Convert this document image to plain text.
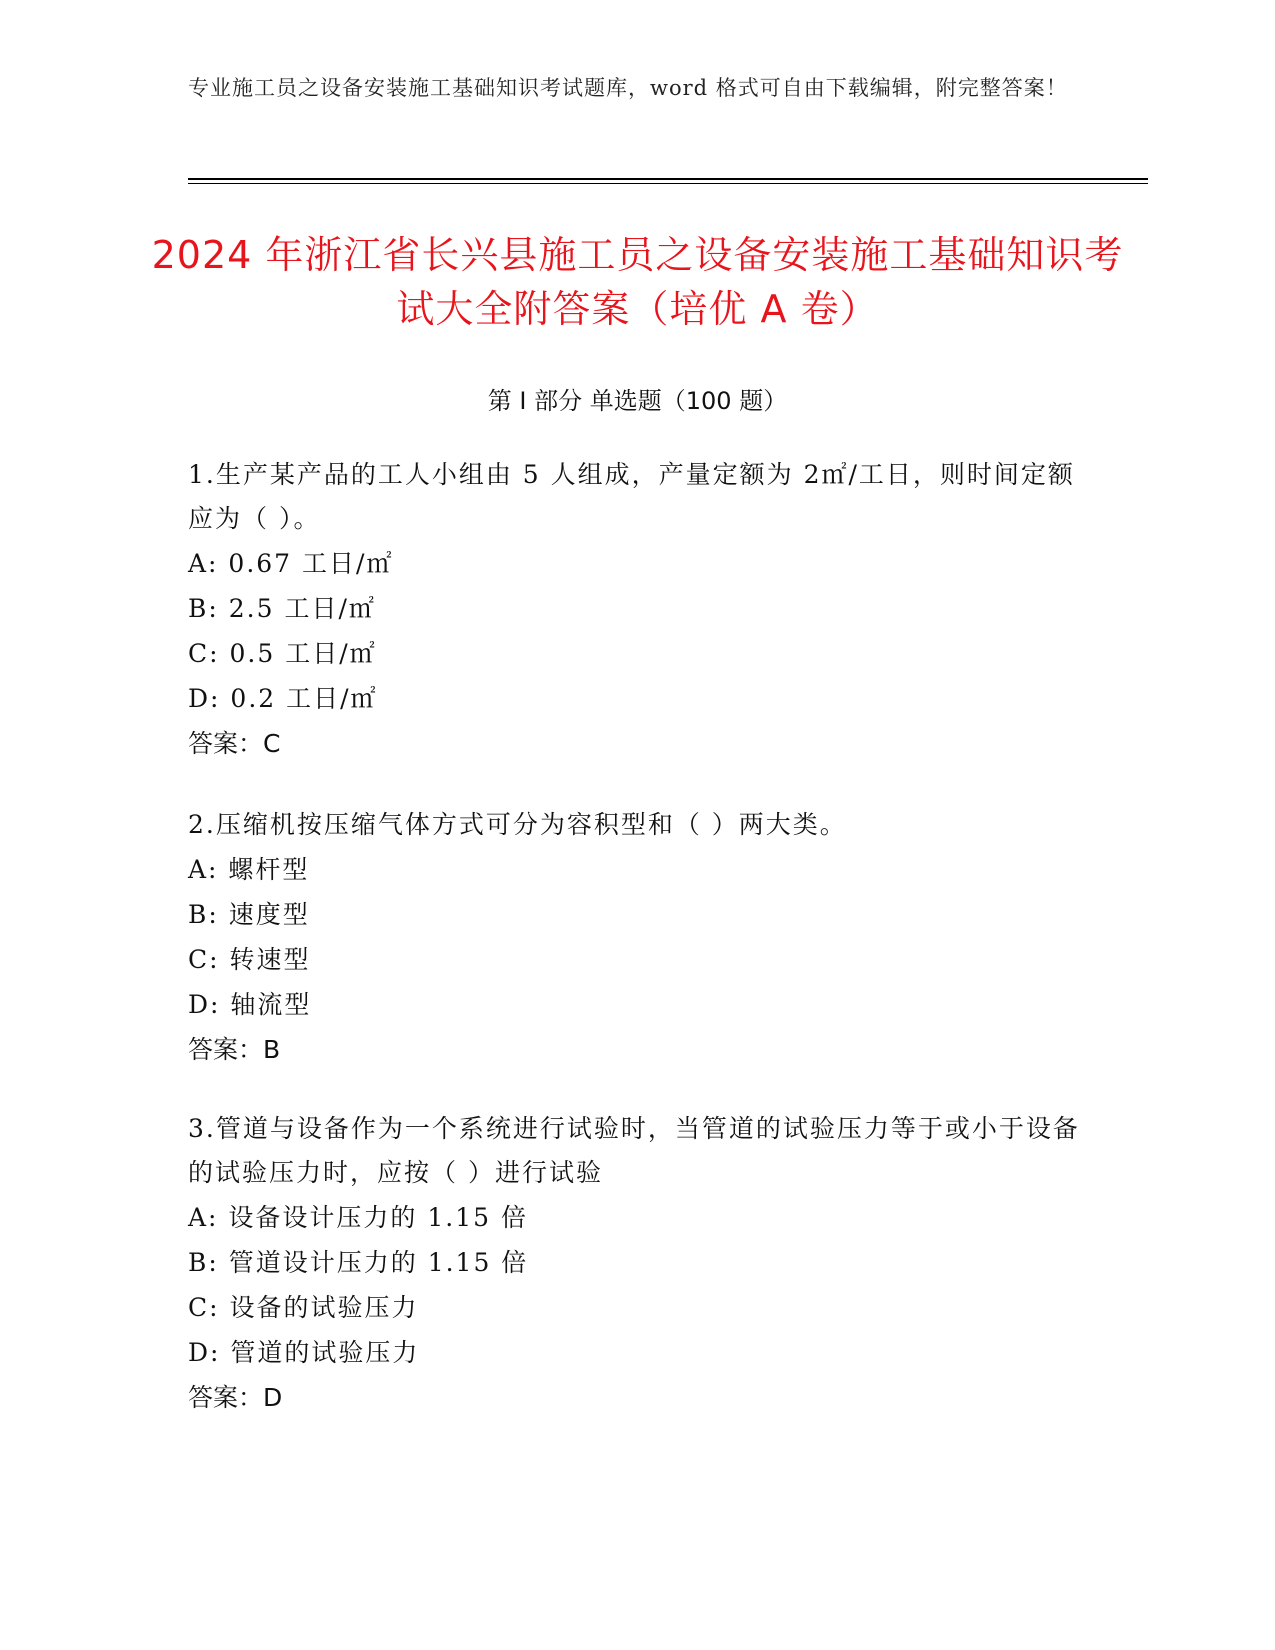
专业施工员之设备安装施工基础知识考试题库，word 格式可自由下载编辑，附完整答案！
2024 年浙江省长兴县施工员之设备安装施工基础知识考试大全附答案（培优 A 卷）
第 I 部分 单选题（100 题）

1.生产某产品的工人小组由 5 人组成，产量定额为 2㎡/工日，则时间定额应为（ ）。

A: 0.67 工日/㎡

B: 2.5 工日/㎡

C: 0.5 工日/㎡

D: 0.2 工日/㎡

答案：C

2.压缩机按压缩气体方式可分为容积型和（ ）两大类。

A: 螺杆型

B: 速度型

C: 转速型

D: 轴流型

答案：B

3.管道与设备作为一个系统进行试验时，当管道的试验压力等于或小于设备的试验压力时，应按（ ）进行试验

A: 设备设计压力的 1.15 倍

B: 管道设计压力的 1.15 倍

C: 设备的试验压力

D: 管道的试验压力

答案：D
